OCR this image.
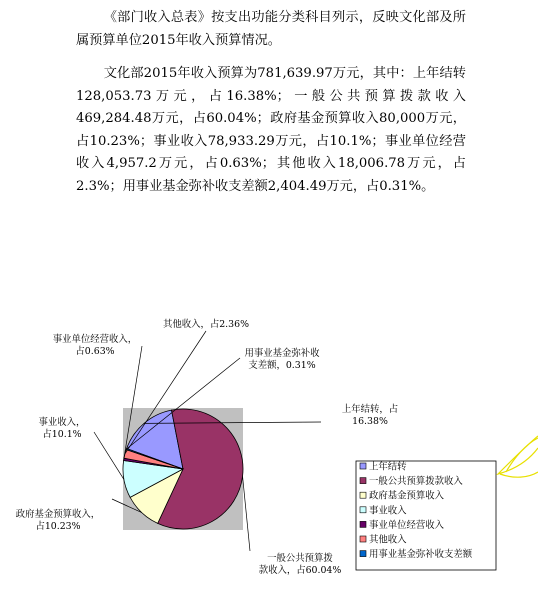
《部门收入总表》按支出功能分类科目列示，反映文化部及所属预算单位2015年收入预算情况。

文化部2015年收入预算为781,639.97万元，其中：上年结转128,053.73万元，占16.38%；一般公共预算拨款收入469,284.48万元，占60.04%；政府基金预算收入80,000万元，占10.23%；事业收入78,933.29万元，占10.1%；事业单位经营收入4,957.2万元，占0.63%；其他收入18,006.78万元，占2.3%；用事业基金弥补收支差额2,404.49万元，占0.31%。

上年结转，占 16.38%
一般公共预算拨款收入，占60.04%
政府基金预算收入，占10.23%
事业收入，占10.1%
事业单位经营收入，占0.63%
其他收入，占2.36%
用事业基金弥补收支差额，0.31%
上年结转
一般公共预算拨款收入
政府基金预算收入
事业收入
事业单位经营收入
其他收入
用事业基金弥补收支差额
